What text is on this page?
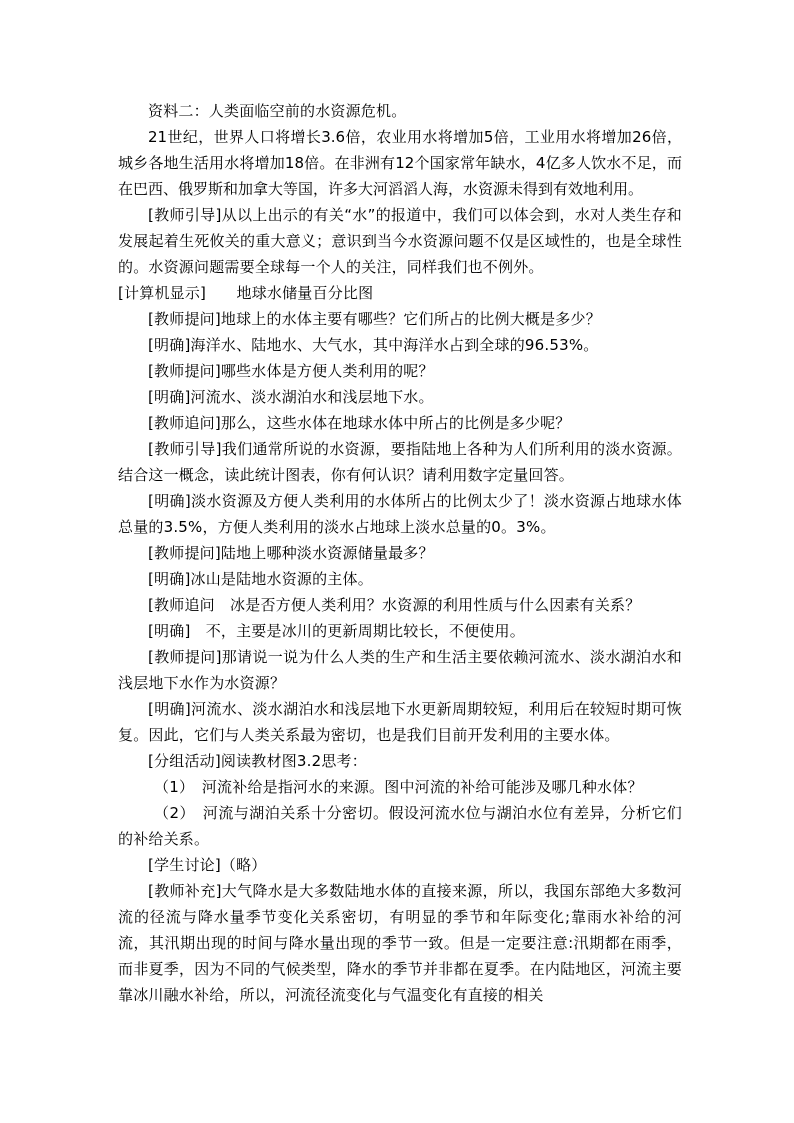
资料二：人类面临空前的水资源危机。

21世纪，世界人口将增长3.6倍，农业用水将增加5倍，工业用水将增加26倍，城乡各地生活用水将增加18倍。在非洲有12个国家常年缺水，4亿多人饮水不足，而在巴西、俄罗斯和加拿大等国，许多大河滔滔人海，水资源未得到有效地利用。

[教师引导]从以上出示的有关“水”的报道中，我们可以体会到，水对人类生存和发展起着生死攸关的重大意义；意识到当今水资源问题不仅是区域性的，也是全球性的。水资源问题需要全球每一个人的关注，同样我们也不例外。

[计算机显示]　　地球水储量百分比图

[教师提问]地球上的水体主要有哪些？它们所占的比例大概是多少？

[明确]海洋水、陆地水、大气水，其中海洋水占到全球的96.53%。

[教师提问]哪些水体是方便人类利用的呢？

[明确]河流水、淡水湖泊水和浅层地下水。

[教师追问]那么，这些水体在地球水体中所占的比例是多少呢？

[教师引导]我们通常所说的水资源，要指陆地上各种为人们所利用的淡水资源。结合这一概念，读此统计图表，你有何认识？请利用数字定量回答。

[明确]淡水资源及方便人类利用的水体所占的比例太少了！淡水资源占地球水体总量的3.5%，方便人类利用的淡水占地球上淡水总量的0。3%。

[教师提问]陆地上哪种淡水资源储量最多？

[明确]冰山是陆地水资源的主体。

[教师追问　冰是否方便人类利用？水资源的利用性质与什么因素有关系？

[明确]　不，主要是冰川的更新周期比较长，不便使用。

[教师提问]那请说一说为什么人类的生产和生活主要依赖河流水、淡水湖泊水和浅层地下水作为水资源？

[明确]河流水、淡水湖泊水和浅层地下水更新周期较短，利用后在较短时期可恢复。因此，它们与人类关系最为密切，也是我们目前开发利用的主要水体。

[分组活动]阅读教材图3.2思考：

（1）　河流补给是指河水的来源。图中河流的补给可能涉及哪几种水体？

（2）　河流与湖泊关系十分密切。假设河流水位与湖泊水位有差异，分析它们的补给关系。

[学生讨论]（略）

[教师补充]大气降水是大多数陆地水体的直接来源，所以，我国东部绝大多数河流的径流与降水量季节变化关系密切，有明显的季节和年际变化;靠雨水补给的河流，其汛期出现的时间与降水量出现的季节一致。但是一定要注意:汛期都在雨季，而非夏季，因为不同的气候类型，降水的季节并非都在夏季。在内陆地区，河流主要靠冰川融水补给，所以，河流径流变化与气温变化有直接的相关
